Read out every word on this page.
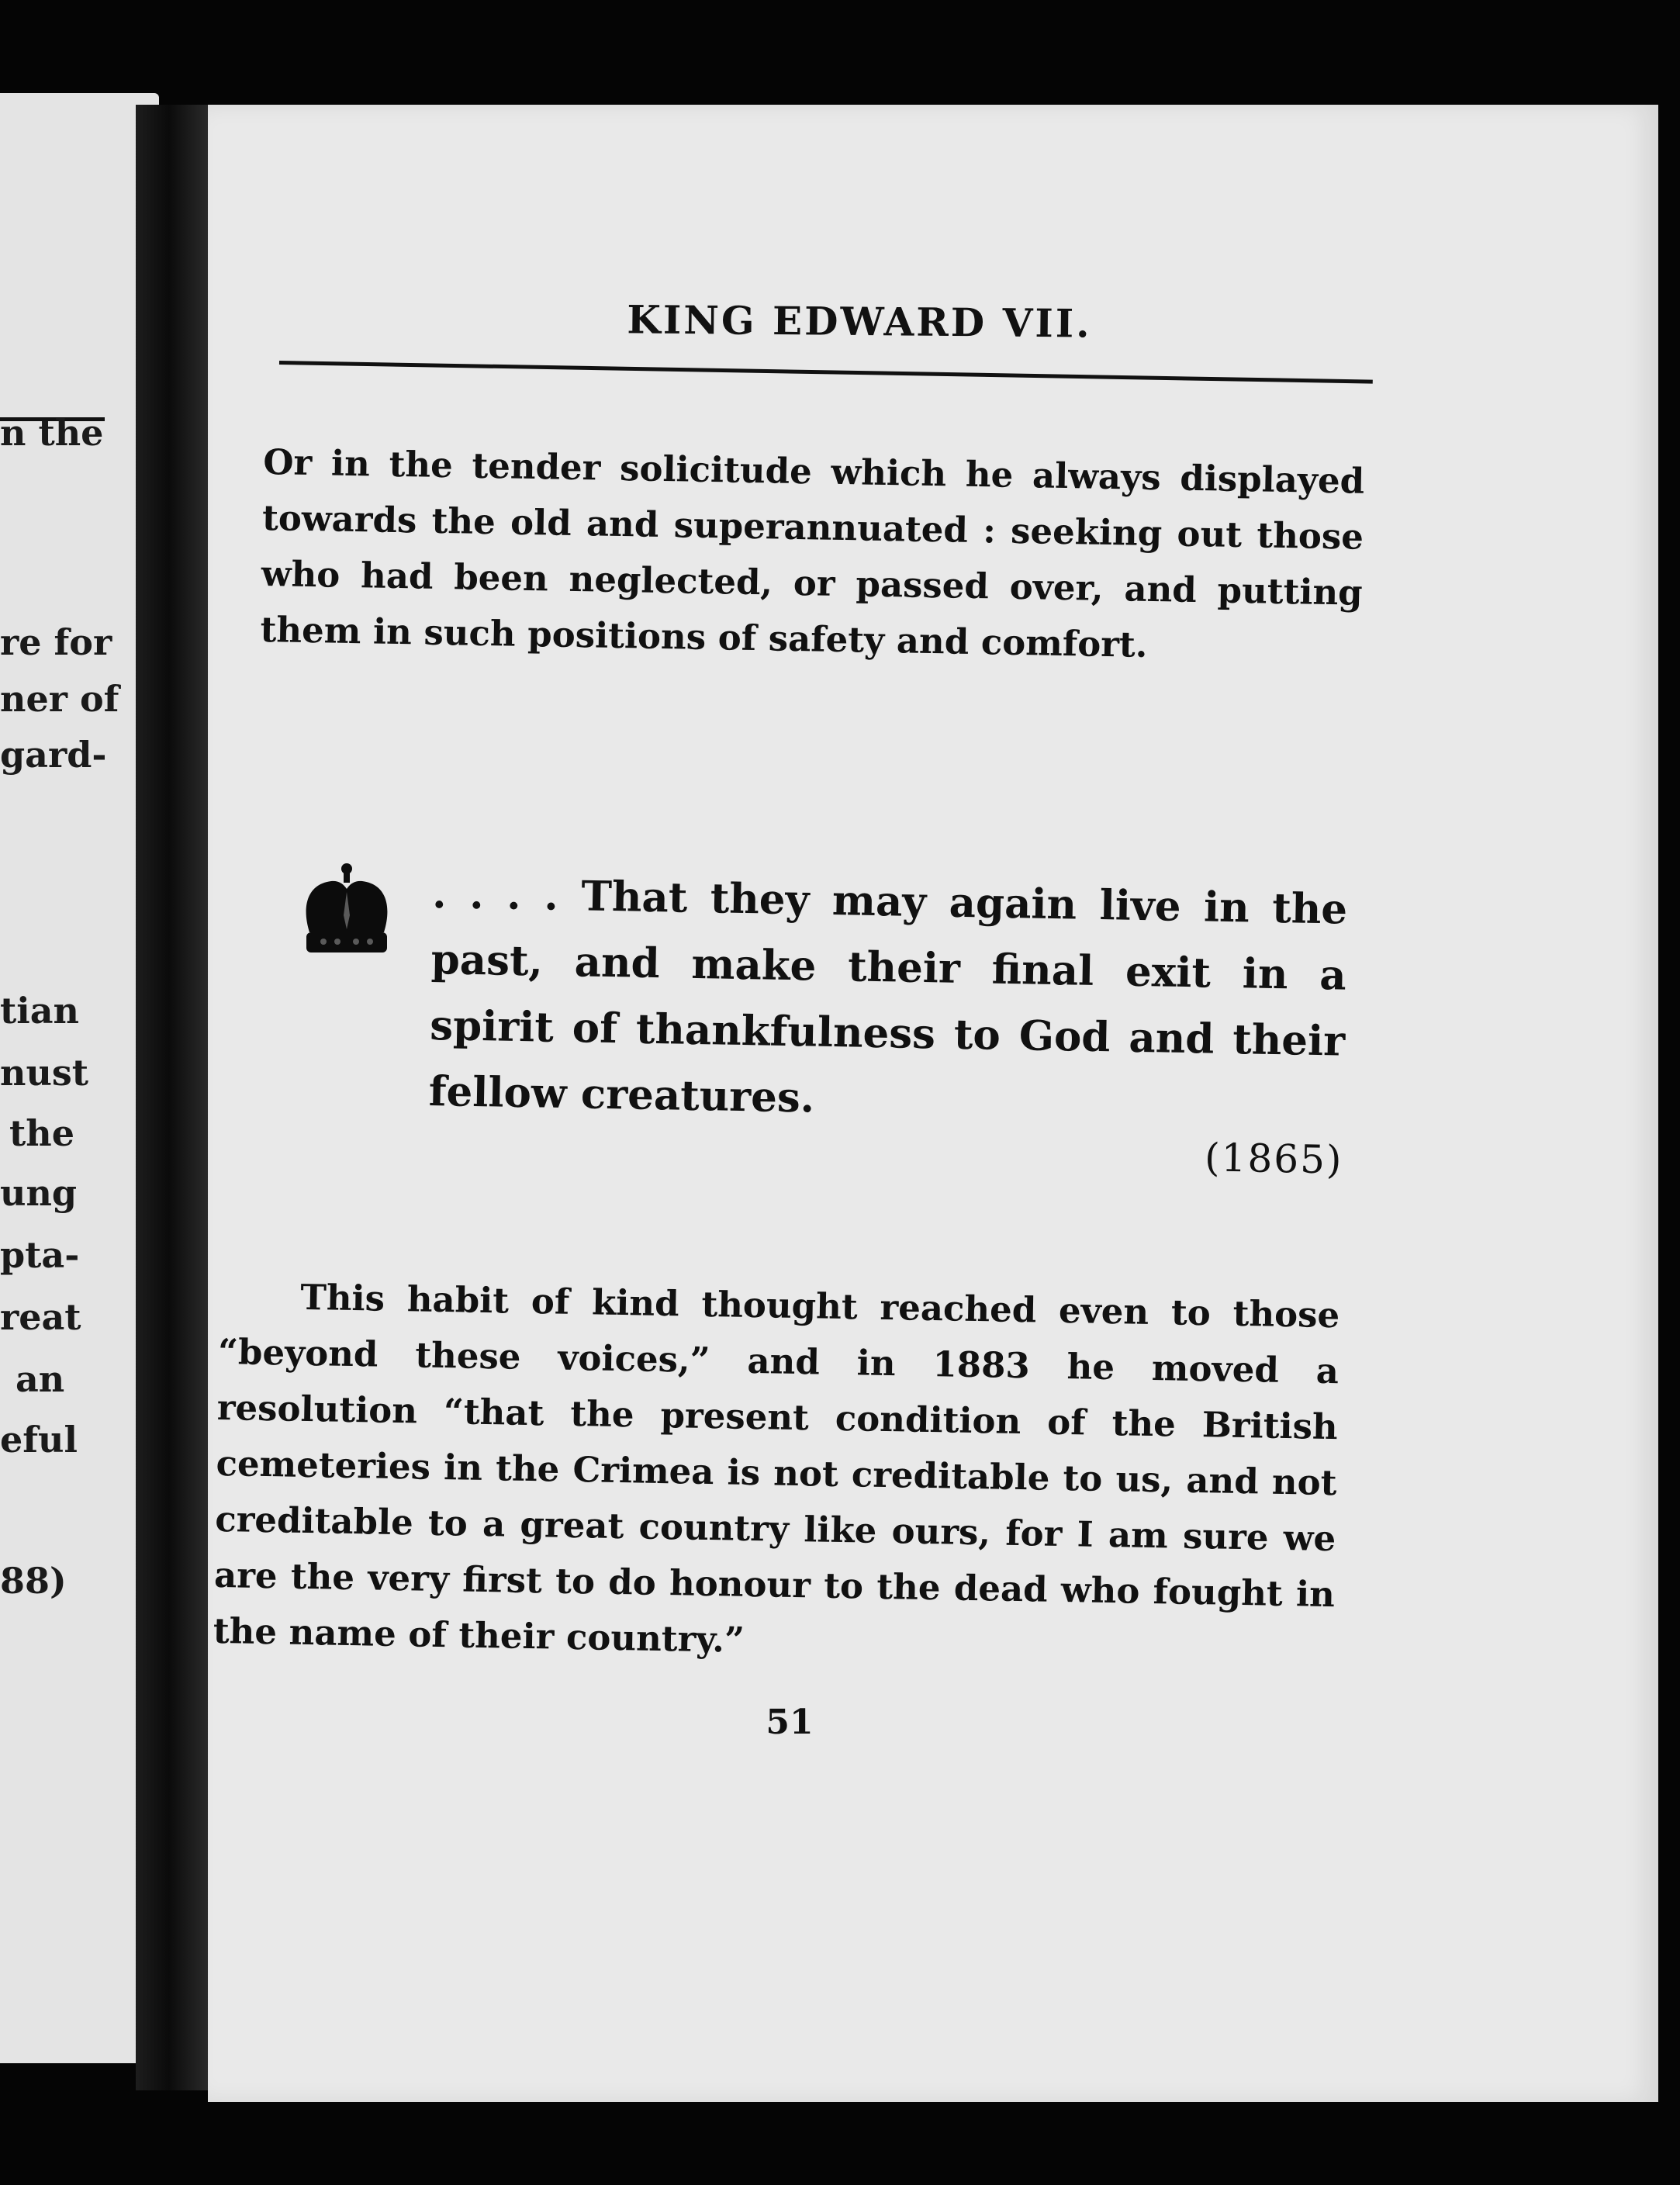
n the
re for
ner of
gard-
tian
nust
the
ung
pta-
reat
an
eful
88)
KING EDWARD VII.
Or in the tender solicitude which he always displayed towards the old and superannuated : seeking out those who had been neglected, or passed over, and putting them in such positions of safety and comfort.
. . . . That they may again live in the past, and make their final exit in a spirit of thankfulness to God and their fellow creatures.
(1865)
This habit of kind thought reached even to those “beyond these voices,” and in 1883 he moved a resolution “that the present condition of the British cemeteries in the Crimea is not creditable to us, and not creditable to a great country like ours, for I am sure we are the very first to do honour to the dead who fought in the name of their country.”
51
